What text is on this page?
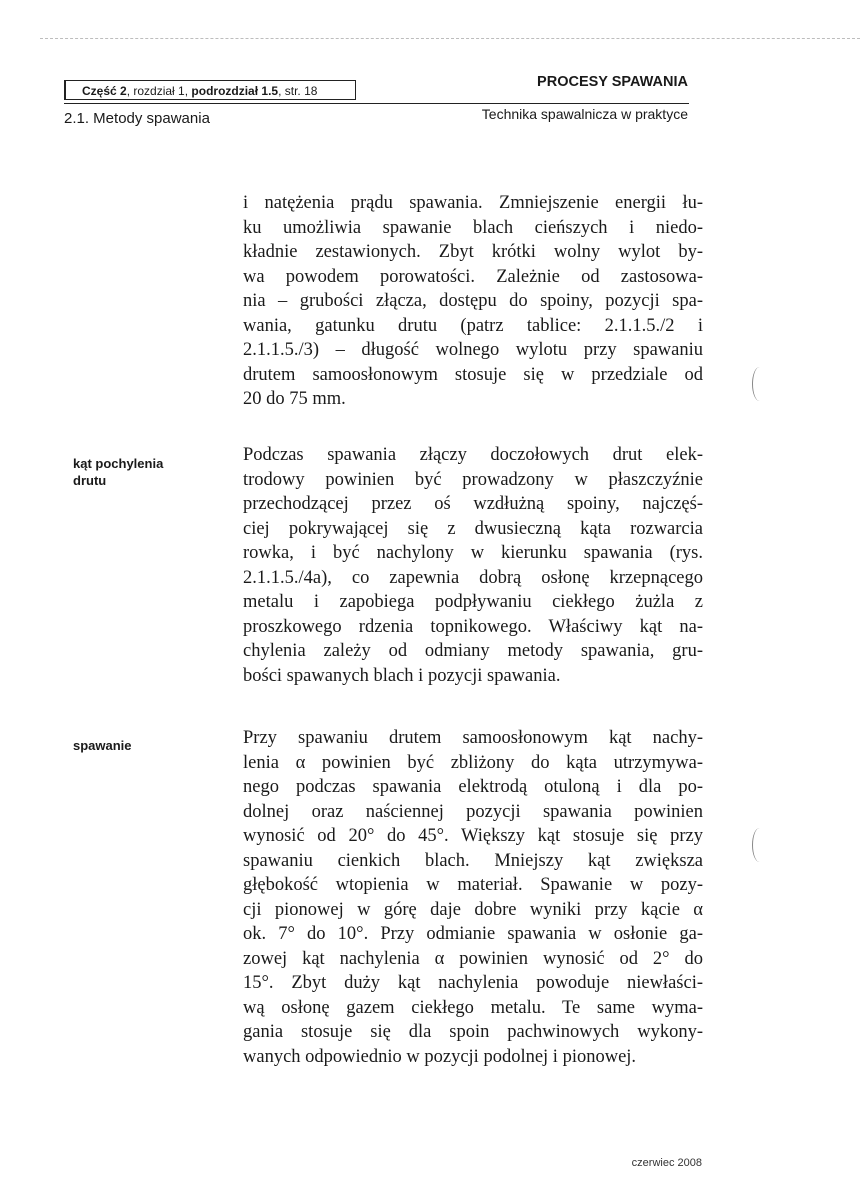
Część 2, rozdział 1, podrozdział 1.5, str. 18
PROCESY SPAWANIA
2.1. Metody spawania	Technika spawalnicza w praktyce
kąt pochylenia
drutu
spawanie
i natężenia prądu spawania. Zmniejszenie energii łu-
ku umożliwia spawanie blach cieńszych i niedo-
kładnie zestawionych. Zbyt krótki wolny wylot by-
wa powodem porowatości. Zależnie od zastosowa-
nia – grubości złącza, dostępu do spoiny, pozycji spa-
wania, gatunku drutu (patrz tablice: 2.1.1.5./2 i
2.1.1.5./3) – długość wolnego wylotu przy spawaniu
drutem samoosłonowym stosuje się w przedziale od
20 do 75 mm.
Podczas spawania złączy doczołowych drut elek-
trodowy powinien być prowadzony w płaszczyźnie
przechodzącej przez oś wzdłużną spoiny, najczęś-
ciej pokrywającej się z dwusieczną kąta rozwarcia
rowka, i być nachylony w kierunku spawania (rys.
2.1.1.5./4a), co zapewnia dobrą osłonę krzepnącego
metalu i zapobiega podpływaniu ciekłego żużla z
proszkowego rdzenia topnikowego. Właściwy kąt na-
chylenia zależy od odmiany metody spawania, gru-
bości spawanych blach i pozycji spawania.
Przy spawaniu drutem samoosłonowym kąt nachy-
lenia α powinien być zbliżony do kąta utrzymywa-
nego podczas spawania elektrodą otuloną i dla po-
dolnej oraz naściennej pozycji spawania powinien
wynosić od 20° do 45°. Większy kąt stosuje się przy
spawaniu cienkich blach. Mniejszy kąt zwiększa
głębokość wtopienia w materiał. Spawanie w pozy-
cji pionowej w górę daje dobre wyniki przy kącie α
ok. 7° do 10°. Przy odmianie spawania w osłonie ga-
zowej kąt nachylenia α powinien wynosić od 2° do
15°. Zbyt duży kąt nachylenia powoduje niewłaści-
wą osłonę gazem ciekłego metalu. Te same wyma-
gania stosuje się dla spoin pachwinowych wykony-
wanych odpowiednio w pozycji podolnej i pionowej.
czerwiec 2008
